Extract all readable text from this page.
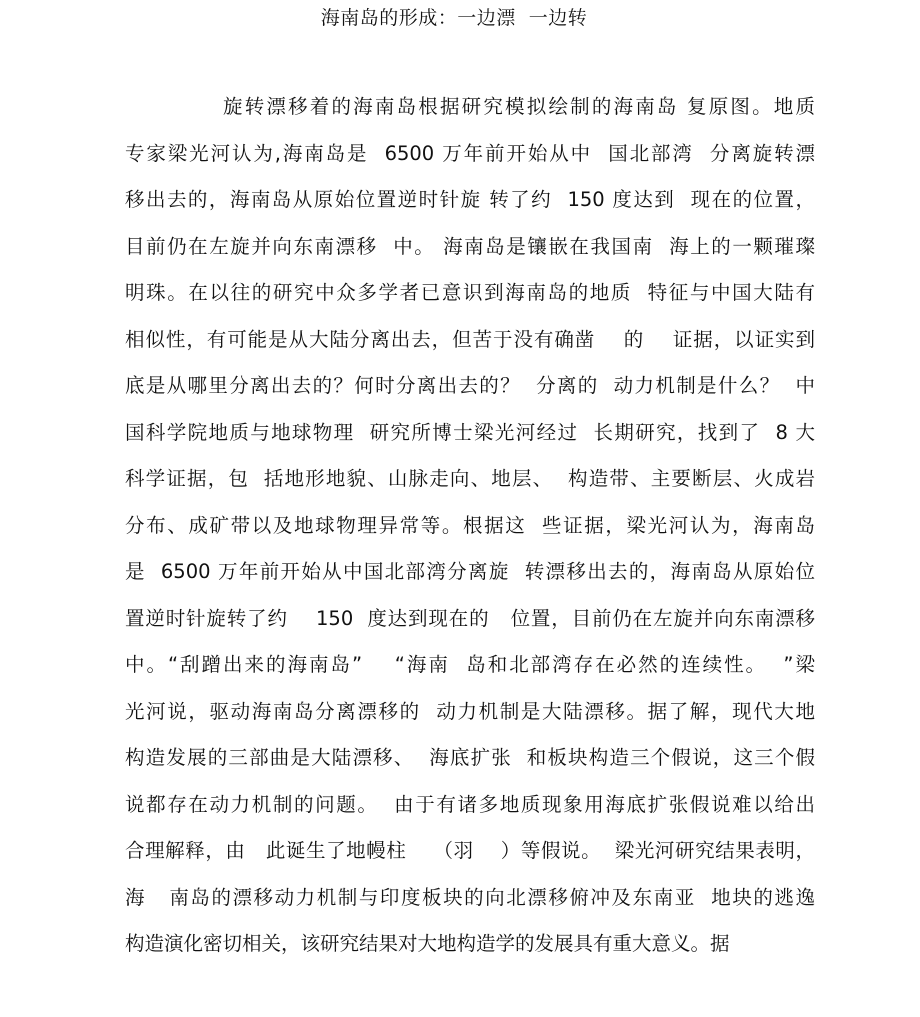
海南岛的形成：一边漂  一边转
旋转漂移着的海南岛根据研究模拟绘制的海南岛 复原图。地质
专家梁光河认为,海南岛是  6500 万年前开始从中  国北部湾  分离旋转漂
移出去的，海南岛从原始位置逆时针旋 转了约  150 度达到  现在的位置，
目前仍在左旋并向东南漂移  中。 海南岛是镶嵌在我国南  海上的一颗璀璨
明珠。在以往的研究中众多学者已意识到海南岛的地质  特征与中国大陆有
相似性，有可能是从大陆分离出去，但苦于没有确凿    的    证据，以证实到
底是从哪里分离出去的？何时分离出去的？  分离的  动力机制是什么？  中
国科学院地质与地球物理  研究所博士梁光河经过  长期研究，找到了  8 大
科学证据，包  括地形地貌、山脉走向、地层、  构造带、主要断层、火成岩
分布、成矿带以及地球物理异常等。根据这  些证据，梁光河认为，海南岛
是  6500 万年前开始从中国北部湾分离旋  转漂移出去的，海南岛从原始位
置逆时针旋转了约    150  度达到现在的   位置，目前仍在左旋并向东南漂移
中。“刮蹭出来的海南岛”    “海南  岛和北部湾存在必然的连续性。  ”梁
光河说，驱动海南岛分离漂移的  动力机制是大陆漂移。据了解，现代大地
构造发展的三部曲是大陆漂移、  海底扩张  和板块构造三个假说，这三个假
说都存在动力机制的问题。  由于有诸多地质现象用海底扩张假说难以给出
合理解释，由   此诞生了地幔柱    （羽    ）等假说。  梁光河研究结果表明，
海   南岛的漂移动力机制与印度板块的向北漂移俯冲及东南亚  地块的逃逸
构造演化密切相关，该研究结果对大地构造学的发展具有重大意义。据
